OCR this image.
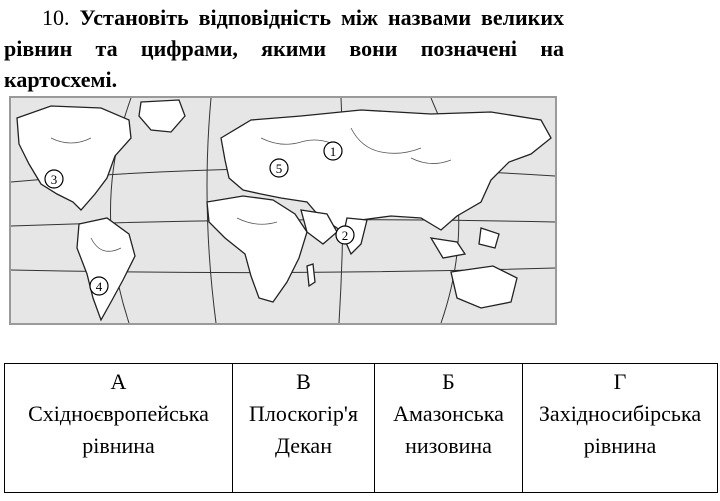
10. Установіть відповідність між назвами великих рівнин та цифрами, якими вони позначені на картосхемі.
1
2
3
4
5
А
Східноєвропейська
рівнина	В
Плоскогір'я
Декан	Б
Амазонська
низовина	Г
Західносибірська
рівнина
